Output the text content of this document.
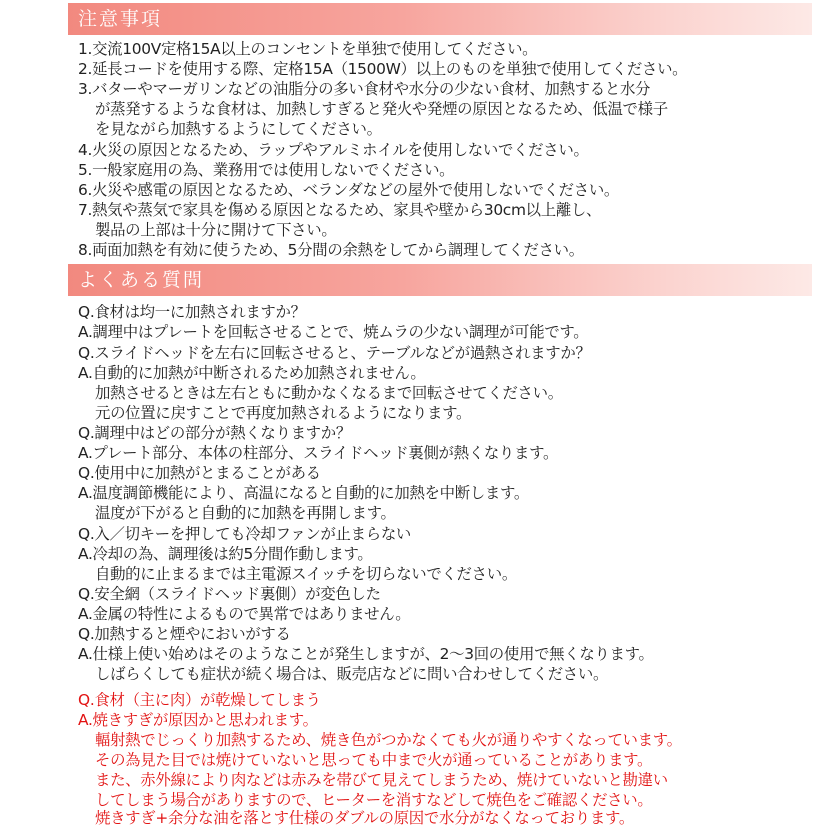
注意事項
1.交流100V定格15A以上のコンセントを単独で使用してください。
2.延長コードを使用する際、定格15A（1500W）以上のものを単独で使用してください。
3.バターやマーガリンなどの油脂分の多い食材や水分の少ない食材、加熱すると水分
が蒸発するような食材は、加熱しすぎると発火や発煙の原因となるため、低温で様子
を見ながら加熱するようにしてください。
4.火災の原因となるため、ラップやアルミホイルを使用しないでください。
5.一般家庭用の為、業務用では使用しないでください。
6.火災や感電の原因となるため、ベランダなどの屋外で使用しないでください。
7.熱気や蒸気で家具を傷める原因となるため、家具や壁から30cm以上離し、
製品の上部は十分に開けて下さい。
8.両面加熱を有効に使うため、5分間の余熱をしてから調理してください。
よくある質問
Q.食材は均一に加熱されますか？
A.調理中はプレートを回転させることで、焼ムラの少ない調理が可能です。
Q.スライドヘッドを左右に回転させると、テーブルなどが過熱されますか？
A.自動的に加熱が中断されるため加熱されません。
加熱させるときは左右ともに動かなくなるまで回転させてください。
元の位置に戻すことで再度加熱されるようになります。
Q.調理中はどの部分が熱くなりますか？
A.プレート部分、本体の柱部分、スライドヘッド裏側が熱くなります。
Q.使用中に加熱がとまることがある
A.温度調節機能により、高温になると自動的に加熱を中断します。
温度が下がると自動的に加熱を再開します。
Q.入／切キーを押しても冷却ファンが止まらない
A.冷却の為、調理後は約5分間作動します。
自動的に止まるまでは主電源スイッチを切らないでください。
Q.安全網（スライドヘッド裏側）が変色した
A.金属の特性によるもので異常ではありません。
Q.加熱すると煙やにおいがする
A.仕様上使い始めはそのようなことが発生しますが、2～3回の使用で無くなります。
しばらくしても症状が続く場合は、販売店などに問い合わせしてください。
Q.食材（主に肉）が乾燥してしまう
A.焼きすぎが原因かと思われます。
輻射熱でじっくり加熱するため、焼き色がつかなくても火が通りやすくなっています。
その為見た目では焼けていないと思っても中まで火が通っていることがあります。
また、赤外線により肉などは赤みを帯びて見えてしまうため、焼けていないと勘違い
してしまう場合がありますので、ヒーターを消すなどして焼色をご確認ください。
焼きすぎ+余分な油を落とす仕様のダブルの原因で水分がなくなっております。
